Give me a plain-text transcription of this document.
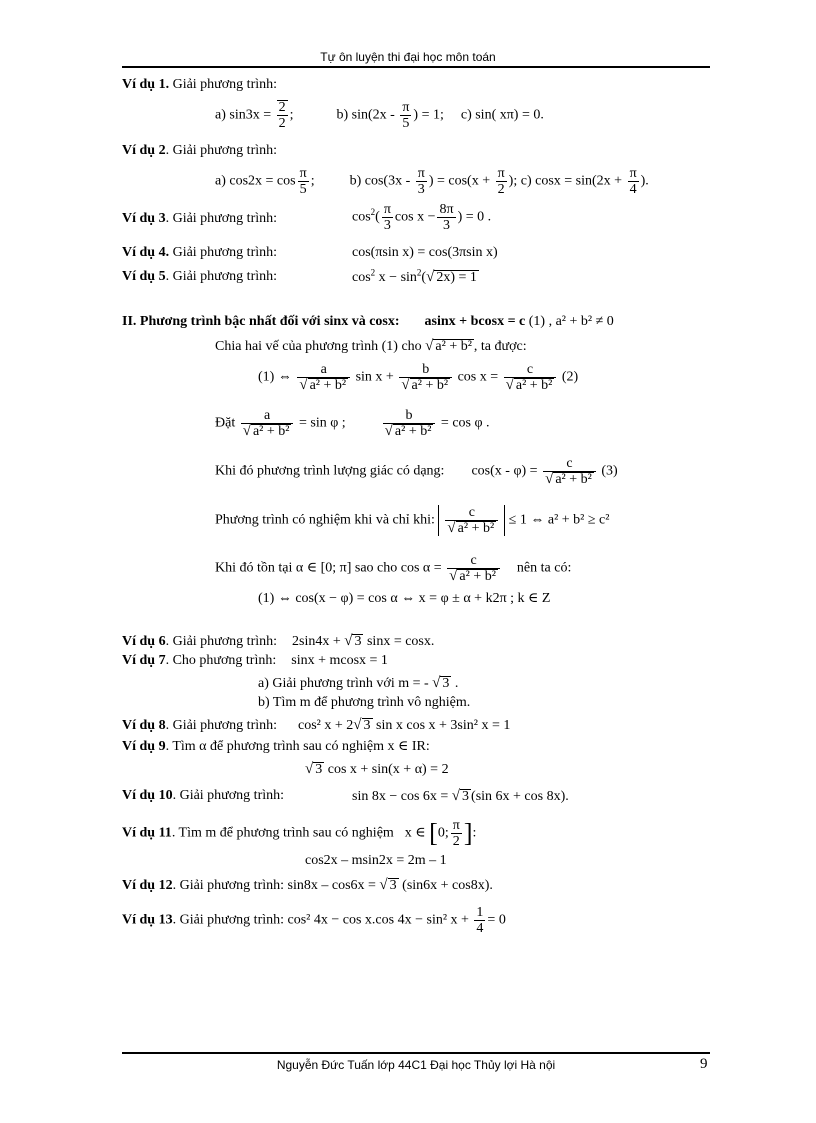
Tự ôn luyện thi đại học môn toán
Ví dụ 1. Giải phương trình:
a) $\sin 3x = \frac{2}{2}$ ;	b) $\sin(2x - \frac{\pi}{5}$ ) = 1; c) sin( xπ) = 0.
Ví dụ 2. Giải phương trình:
a) $\cos 2x = \cos \frac{\pi}{5}$ ;  b) $\cos(3x - \frac{\pi}{3}$ ) = $\cos(x + \frac{\pi}{2}$ ); c) $\cos x = \sin(2x + \frac{\pi}{4}$ ).
Ví dụ 3. Giải phương trình:	$\cos^2( \frac{\pi}{3}$ $\cos x - \frac{8\pi}{3}$ ) = 0 .
Ví dụ 4. Giải phương trình:	cos(πsin x) = cos(3πsin x)
Ví dụ 5. Giải phương trình:	$\cos^2 x - \sin^2(√$ 2x) = 1
II. Phương trình bậc nhất đối với sinx và cosx: asinx + bcosx = c (1) , a² + b² ≠ 0
Chia hai vế của phương trình (1) cho √ a² + b² , ta được:
(1) ⇔ $\frac{a}{\text{√ a² + b²}}$ $\sin x + \frac{b}{\text{√ a² + b²}}$ $\cos x = \frac{c}{\text{√ a² + b²}} (2)$
Đặt $\frac{a}{\text{√ a² + b²}} = \sin \varphi$ ;	$\frac{b}{\text{√ a² + b²}} = \cos \varphi$ .
Khi đó phương trình lượng giác có dạng: $\cos(x - \varphi) = \frac{c}{\text{√ a² + b²}} (3)$
Phương trình có nghiệm khi và chỉ khi: $\frac{c}{\text{√ a² + b²}} \le 1$ ⇔ a² + b² ≥ c²
Khi đó tồn tại α ∈ [0; π] sao cho $\cos \alpha = \frac{c}{\text{√ a² + b²}}$ nên ta có:
(1) ⇔ cos(x − φ) = cos α ⇔ x = φ ± α + k2π ; k ∈ Z
Ví dụ 6. Giải phương trình: 2sin4x + √ 3 sinx = cosx.
Ví dụ 7. Cho phương trình: sinx + mcosx = 1
a) Giải phương trình với m = - √ 3 .
b) Tìm m để phương trình vô nghiệm.
Ví dụ 8. Giải phương trình: cos² x + 2√ 3 sin x cos x + 3sin² x = 1
Ví dụ 9. Tìm α để phương trình sau có nghiệm x ∈ IR:
√ 3 cos x + sin(x + α) = 2
Ví dụ 10. Giải phương trình:	sin 8x − cos 6x = √ 3 (sin 6x + cos 8x).
Ví dụ 11. Tìm m để phương trình sau có nghiệm x ∈ [0; $\frac{\pi}{2}$ ]:
cos2x – msin2x = 2m – 1
Ví dụ 12. Giải phương trình: sin8x – cos6x = √ 3 (sin6x + cos8x).
Ví dụ 13. Giải phương trình: cos² 4x − cos x.cos 4x − sin² $x + \frac{1}{4} = 0$
Nguyễn Đức Tuấn lớp 44C1 Đại học Thủy lợi Hà nội	9
